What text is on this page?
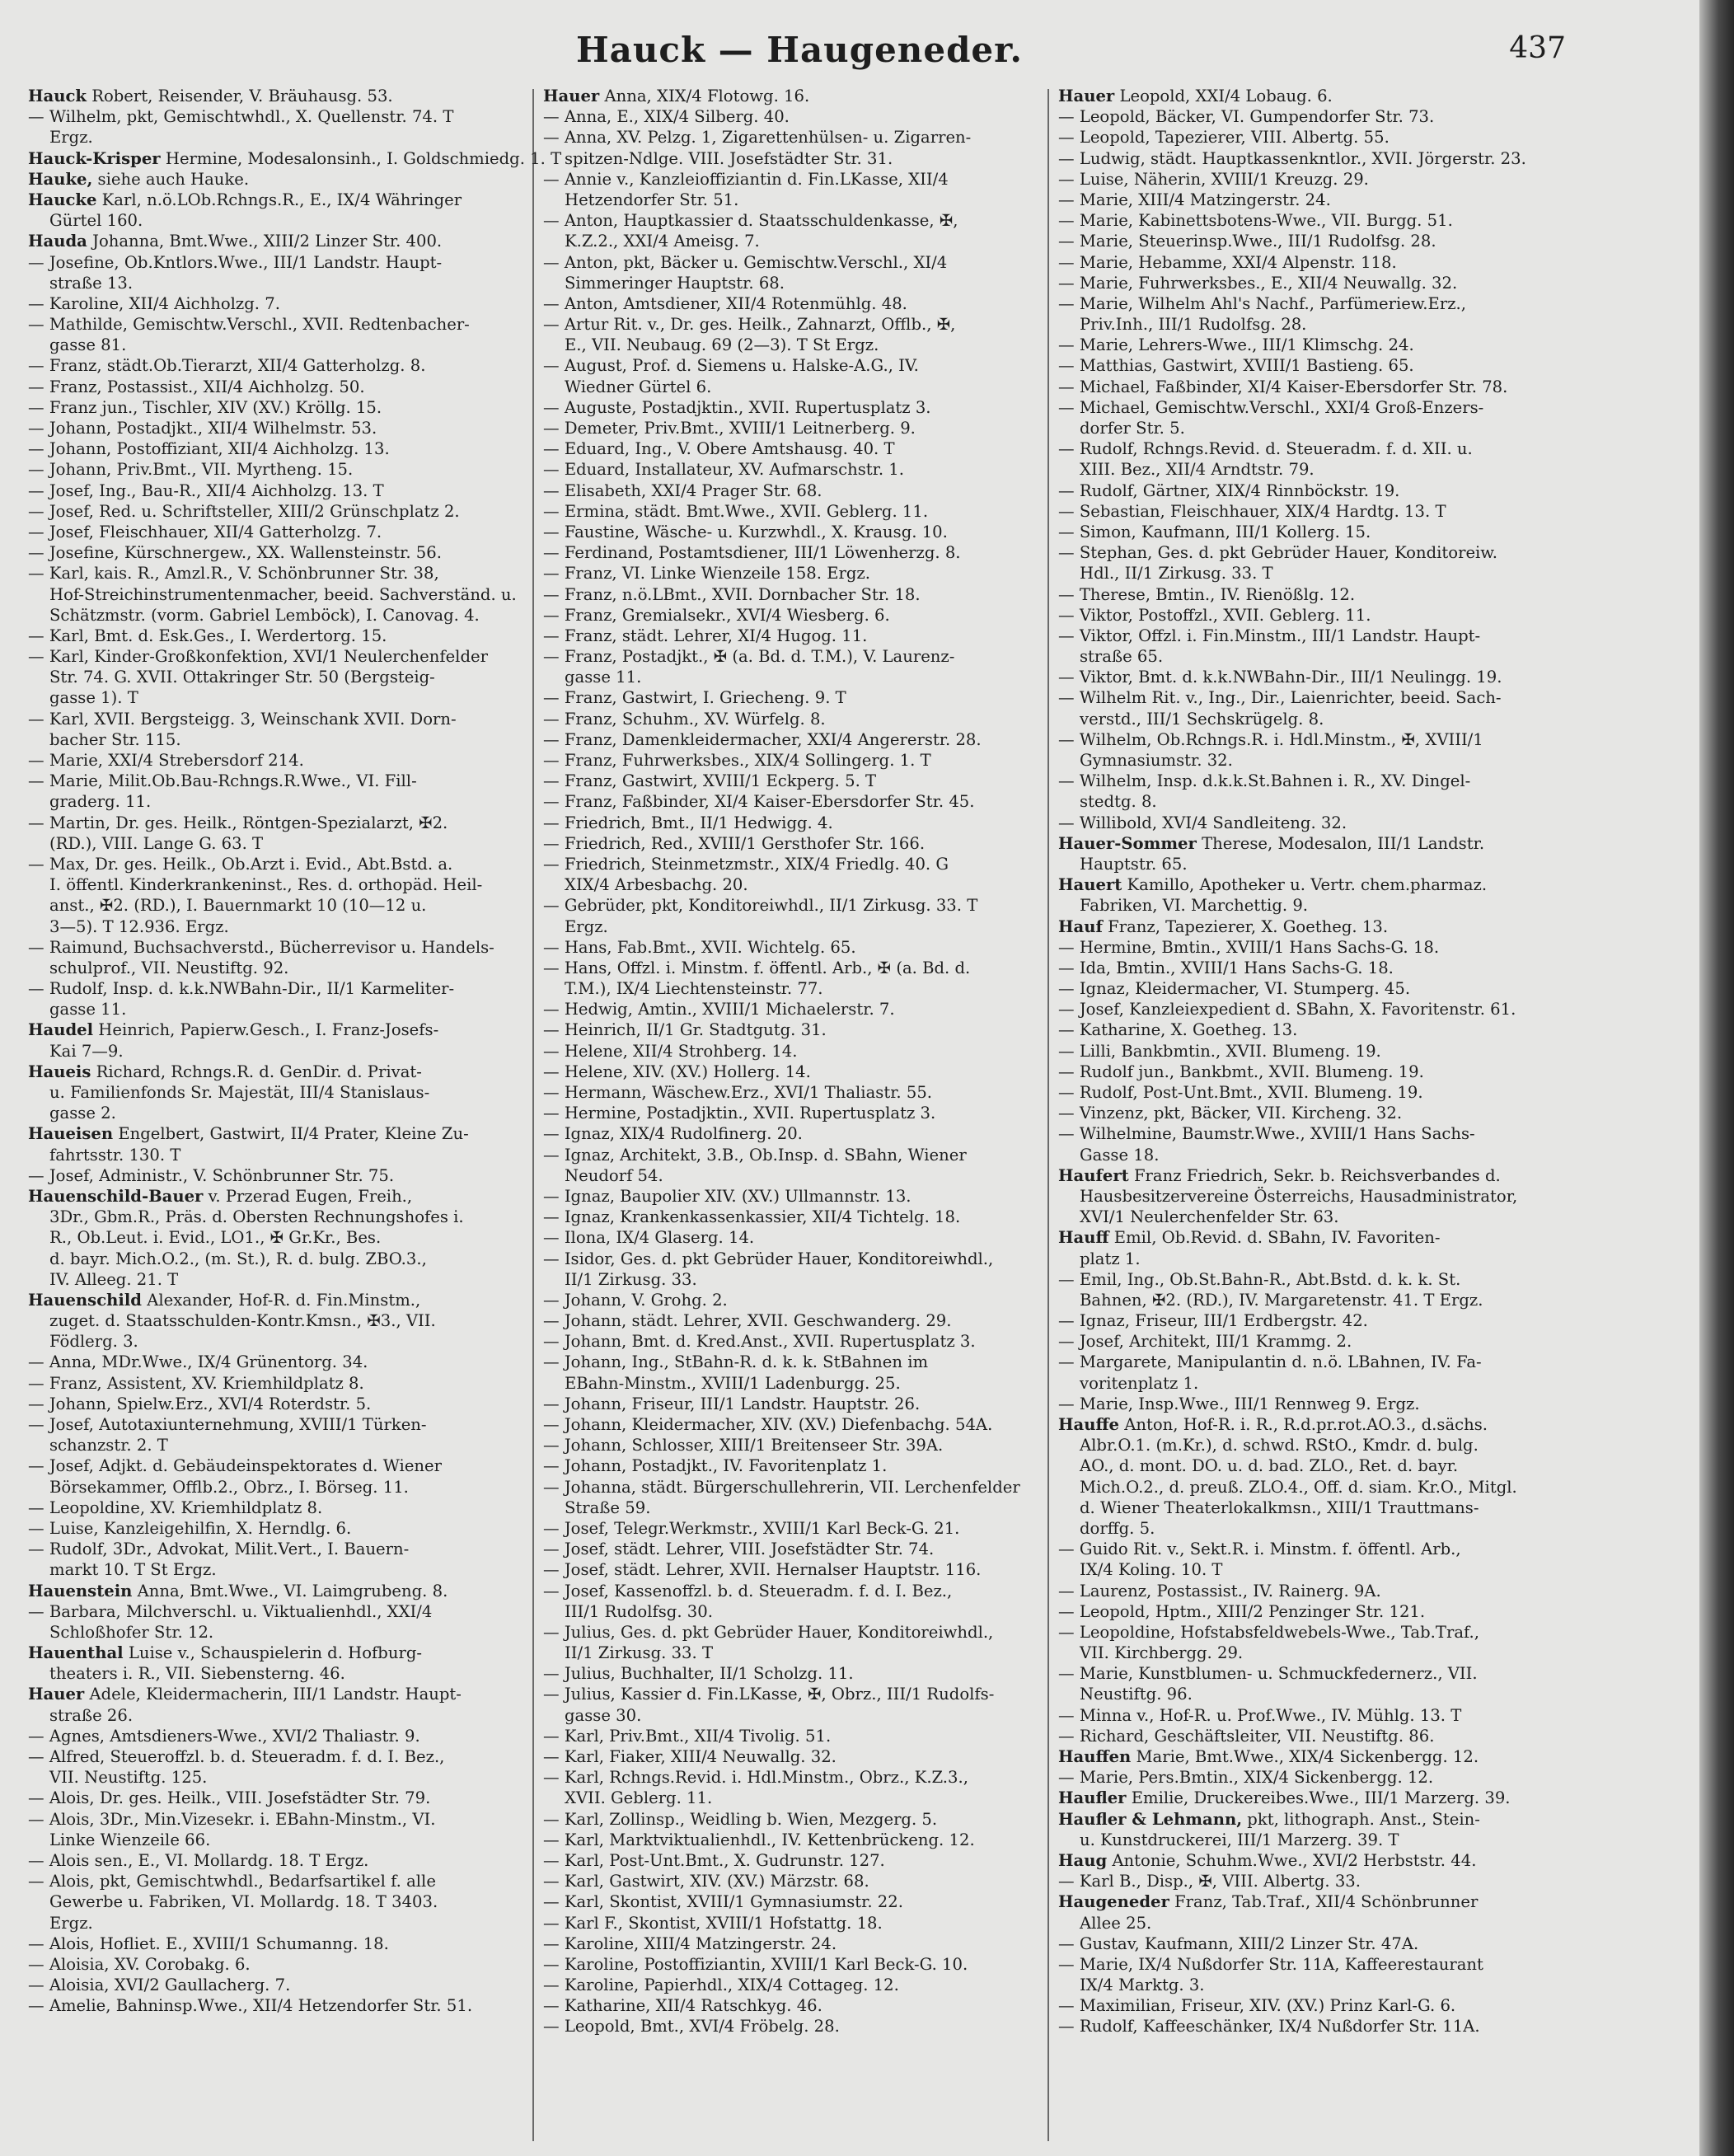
Hauck — Haugeneder.	437
Hauck Robert, Reisender, V. Bräuhausg. 53.
— Wilhelm, pkt, Gemischtwhdl., X. Quellenstr. 74. T
Ergz.
Hauck-Krisper Hermine, Modesalonsinh., I. Goldschmiedg. 1. T
Hauke, siehe auch Hauke.
Haucke Karl, n.ö.LOb.Rchngs.R., E., IX/4 Währinger
Gürtel 160.
Hauda Johanna, Bmt.Wwe., XIII/2 Linzer Str. 400.
— Josefine, Ob.Kntlors.Wwe., III/1 Landstr. Haupt-
straße 13.
— Karoline, XII/4 Aichholzg. 7.
— Mathilde, Gemischtw.Verschl., XVII. Redtenbacher-
gasse 81.
— Franz, städt.Ob.Tierarzt, XII/4 Gatterholzg. 8.
— Franz, Postassist., XII/4 Aichholzg. 50.
— Franz jun., Tischler, XIV (XV.) Kröllg. 15.
— Johann, Postadjkt., XII/4 Wilhelmstr. 53.
— Johann, Postoffiziant, XII/4 Aichholzg. 13.
— Johann, Priv.Bmt., VII. Myrtheng. 15.
— Josef, Ing., Bau-R., XII/4 Aichholzg. 13. T
— Josef, Red. u. Schriftsteller, XIII/2 Grünschplatz 2.
— Josef, Fleischhauer, XII/4 Gatterholzg. 7.
— Josefine, Kürschnergew., XX. Wallensteinstr. 56.
— Karl, kais. R., Amzl.R., V. Schönbrunner Str. 38,
Hof-Streichinstrumentenmacher, beeid. Sachverständ. u.
Schätzmstr. (vorm. Gabriel Lemböck), I. Canovag. 4.
— Karl, Bmt. d. Esk.Ges., I. Werdertorg. 15.
— Karl, Kinder-Großkonfektion, XVI/1 Neulerchenfelder
Str. 74. G. XVII. Ottakringer Str. 50 (Bergsteig-
gasse 1). T
— Karl, XVII. Bergsteigg. 3, Weinschank XVII. Dorn-
bacher Str. 115.
— Marie, XXI/4 Strebersdorf 214.
— Marie, Milit.Ob.Bau-Rchngs.R.Wwe., VI. Fill-
graderg. 11.
— Martin, Dr. ges. Heilk., Röntgen-Spezialarzt, ✠2.
(RD.), VIII. Lange G. 63. T
— Max, Dr. ges. Heilk., Ob.Arzt i. Evid., Abt.Bstd. a.
I. öffentl. Kinderkrankeninst., Res. d. orthopäd. Heil-
anst., ✠2. (RD.), I. Bauernmarkt 10 (10—12 u.
3—5). T 12.936. Ergz.
— Raimund, Buchsachverstd., Bücherrevisor u. Handels-
schulprof., VII. Neustiftg. 92.
— Rudolf, Insp. d. k.k.NWBahn-Dir., II/1 Karmeliter-
gasse 11.
Haudel Heinrich, Papierw.Gesch., I. Franz-Josefs-
Kai 7—9.
Haueis Richard, Rchngs.R. d. GenDir. d. Privat-
u. Familienfonds Sr. Majestät, III/4 Stanislaus-
gasse 2.
Haueisen Engelbert, Gastwirt, II/4 Prater, Kleine Zu-
fahrtsstr. 130. T
— Josef, Administr., V. Schönbrunner Str. 75.
Hauenschild-Bauer v. Przerad Eugen, Freih.,
3Dr., Gbm.R., Präs. d. Obersten Rechnungshofes i.
R., Ob.Leut. i. Evid., LO1., ✠ Gr.Kr., Bes.
d. bayr. Mich.O.2., (m. St.), R. d. bulg. ZBO.3.,
IV. Alleeg. 21. T
Hauenschild Alexander, Hof-R. d. Fin.Minstm.,
zuget. d. Staatsschulden-Kontr.Kmsn., ✠3., VII.
Födlerg. 3.
— Anna, MDr.Wwe., IX/4 Grünentorg. 34.
— Franz, Assistent, XV. Kriemhildplatz 8.
— Johann, Spielw.Erz., XVI/4 Roterdstr. 5.
— Josef, Autotaxiunternehmung, XVIII/1 Türken-
schanzstr. 2. T
— Josef, Adjkt. d. Gebäudeinspektorates d. Wiener
Börsekammer, Offlb.2., Obrz., I. Börseg. 11.
— Leopoldine, XV. Kriemhildplatz 8.
— Luise, Kanzleigehilfin, X. Herndlg. 6.
— Rudolf, 3Dr., Advokat, Milit.Vert., I. Bauern-
markt 10. T St Ergz.
Hauenstein Anna, Bmt.Wwe., VI. Laimgrubeng. 8.
— Barbara, Milchverschl. u. Viktualienhdl., XXI/4
Schloßhofer Str. 12.
Hauenthal Luise v., Schauspielerin d. Hofburg-
theaters i. R., VII. Siebensterng. 46.
Hauer Adele, Kleidermacherin, III/1 Landstr. Haupt-
straße 26.
— Agnes, Amtsdieners-Wwe., XVI/2 Thaliastr. 9.
— Alfred, Steueroffzl. b. d. Steueradm. f. d. I. Bez.,
VII. Neustiftg. 125.
— Alois, Dr. ges. Heilk., VIII. Josefstädter Str. 79.
— Alois, 3Dr., Min.Vizesekr. i. EBahn-Minstm., VI.
Linke Wienzeile 66.
— Alois sen., E., VI. Mollardg. 18. T Ergz.
— Alois, pkt, Gemischtwhdl., Bedarfsartikel f. alle
Gewerbe u. Fabriken, VI. Mollardg. 18. T 3403.
Ergz.
— Alois, Hofliet. E., XVIII/1 Schumanng. 18.
— Aloisia, XV. Corobakg. 6.
— Aloisia, XVI/2 Gaullacherg. 7.
— Amelie, Bahninsp.Wwe., XII/4 Hetzendorfer Str. 51.
Hauer Anna, XIX/4 Flotowg. 16.
— Anna, E., XIX/4 Silberg. 40.
— Anna, XV. Pelzg. 1, Zigarettenhülsen- u. Zigarren-
spitzen-Ndlge. VIII. Josefstädter Str. 31.
— Annie v., Kanzleioffiziantin d. Fin.LKasse, XII/4
Hetzendorfer Str. 51.
— Anton, Hauptkassier d. Staatsschuldenkasse, ✠,
K.Z.2., XXI/4 Ameisg. 7.
— Anton, pkt, Bäcker u. Gemischtw.Verschl., XI/4
Simmeringer Hauptstr. 68.
— Anton, Amtsdiener, XII/4 Rotenmühlg. 48.
— Artur Rit. v., Dr. ges. Heilk., Zahnarzt, Offlb., ✠,
E., VII. Neubaug. 69 (2—3). T St Ergz.
— August, Prof. d. Siemens u. Halske-A.G., IV.
Wiedner Gürtel 6.
— Auguste, Postadjktin., XVII. Rupertusplatz 3.
— Demeter, Priv.Bmt., XVIII/1 Leitnerberg. 9.
— Eduard, Ing., V. Obere Amtshausg. 40. T
— Eduard, Installateur, XV. Aufmarschstr. 1.
— Elisabeth, XXI/4 Prager Str. 68.
— Ermina, städt. Bmt.Wwe., XVII. Geblerg. 11.
— Faustine, Wäsche- u. Kurzwhdl., X. Krausg. 10.
— Ferdinand, Postamtsdiener, III/1 Löwenherzg. 8.
— Franz, VI. Linke Wienzeile 158. Ergz.
— Franz, n.ö.LBmt., XVII. Dornbacher Str. 18.
— Franz, Gremialsekr., XVI/4 Wiesberg. 6.
— Franz, städt. Lehrer, XI/4 Hugog. 11.
— Franz, Postadjkt., ✠ (a. Bd. d. T.M.), V. Laurenz-
gasse 11.
— Franz, Gastwirt, I. Griecheng. 9. T
— Franz, Schuhm., XV. Würfelg. 8.
— Franz, Damenkleidermacher, XXI/4 Angererstr. 28.
— Franz, Fuhrwerksbes., XIX/4 Sollingerg. 1. T
— Franz, Gastwirt, XVIII/1 Eckperg. 5. T
— Franz, Faßbinder, XI/4 Kaiser-Ebersdorfer Str. 45.
— Friedrich, Bmt., II/1 Hedwigg. 4.
— Friedrich, Red., XVIII/1 Gersthofer Str. 166.
— Friedrich, Steinmetzmstr., XIX/4 Friedlg. 40. G
XIX/4 Arbesbachg. 20.
— Gebrüder, pkt, Konditoreiwhdl., II/1 Zirkusg. 33. T
Ergz.
— Hans, Fab.Bmt., XVII. Wichtelg. 65.
— Hans, Offzl. i. Minstm. f. öffentl. Arb., ✠ (a. Bd. d.
T.M.), IX/4 Liechtensteinstr. 77.
— Hedwig, Amtin., XVIII/1 Michaelerstr. 7.
— Heinrich, II/1 Gr. Stadtgutg. 31.
— Helene, XII/4 Strohberg. 14.
— Helene, XIV. (XV.) Hollerg. 14.
— Hermann, Wäschew.Erz., XVI/1 Thaliastr. 55.
— Hermine, Postadjktin., XVII. Rupertusplatz 3.
— Ignaz, XIX/4 Rudolfinerg. 20.
— Ignaz, Architekt, 3.B., Ob.Insp. d. SBahn, Wiener
Neudorf 54.
— Ignaz, Baupolier XIV. (XV.) Ullmannstr. 13.
— Ignaz, Krankenkassenkassier, XII/4 Tichtelg. 18.
— Ilona, IX/4 Glaserg. 14.
— Isidor, Ges. d. pkt Gebrüder Hauer, Konditoreiwhdl.,
II/1 Zirkusg. 33.
— Johann, V. Grohg. 2.
— Johann, städt. Lehrer, XVII. Geschwanderg. 29.
— Johann, Bmt. d. Kred.Anst., XVII. Rupertusplatz 3.
— Johann, Ing., StBahn-R. d. k. k. StBahnen im
EBahn-Minstm., XVIII/1 Ladenburgg. 25.
— Johann, Friseur, III/1 Landstr. Hauptstr. 26.
— Johann, Kleidermacher, XIV. (XV.) Diefenbachg. 54A.
— Johann, Schlosser, XIII/1 Breitenseer Str. 39A.
— Johann, Postadjkt., IV. Favoritenplatz 1.
— Johanna, städt. Bürgerschullehrerin, VII. Lerchenfelder
Straße 59.
— Josef, Telegr.Werkmstr., XVIII/1 Karl Beck-G. 21.
— Josef, städt. Lehrer, VIII. Josefstädter Str. 74.
— Josef, städt. Lehrer, XVII. Hernalser Hauptstr. 116.
— Josef, Kassenoffzl. b. d. Steueradm. f. d. I. Bez.,
III/1 Rudolfsg. 30.
— Julius, Ges. d. pkt Gebrüder Hauer, Konditoreiwhdl.,
II/1 Zirkusg. 33. T
— Julius, Buchhalter, II/1 Scholzg. 11.
— Julius, Kassier d. Fin.LKasse, ✠, Obrz., III/1 Rudolfs-
gasse 30.
— Karl, Priv.Bmt., XII/4 Tivolig. 51.
— Karl, Fiaker, XIII/4 Neuwallg. 32.
— Karl, Rchngs.Revid. i. Hdl.Minstm., Obrz., K.Z.3.,
XVII. Geblerg. 11.
— Karl, Zollinsp., Weidling b. Wien, Mezgerg. 5.
— Karl, Marktviktualienhdl., IV. Kettenbrückeng. 12.
— Karl, Post-Unt.Bmt., X. Gudrunstr. 127.
— Karl, Gastwirt, XIV. (XV.) Märzstr. 68.
— Karl, Skontist, XVIII/1 Gymnasiumstr. 22.
— Karl F., Skontist, XVIII/1 Hofstattg. 18.
— Karoline, XIII/4 Matzingerstr. 24.
— Karoline, Postoffiziantin, XVIII/1 Karl Beck-G. 10.
— Karoline, Papierhdl., XIX/4 Cottageg. 12.
— Katharine, XII/4 Ratschkyg. 46.
— Leopold, Bmt., XVI/4 Fröbelg. 28.
Hauer Leopold, XXI/4 Lobaug. 6.
— Leopold, Bäcker, VI. Gumpendorfer Str. 73.
— Leopold, Tapezierer, VIII. Albertg. 55.
— Ludwig, städt. Hauptkassenkntlor., XVII. Jörgerstr. 23.
— Luise, Näherin, XVIII/1 Kreuzg. 29.
— Marie, XIII/4 Matzingerstr. 24.
— Marie, Kabinettsbotens-Wwe., VII. Burgg. 51.
— Marie, Steuerinsp.Wwe., III/1 Rudolfsg. 28.
— Marie, Hebamme, XXI/4 Alpenstr. 118.
— Marie, Fuhrwerksbes., E., XII/4 Neuwallg. 32.
— Marie, Wilhelm Ahl's Nachf., Parfümeriew.Erz.,
Priv.Inh., III/1 Rudolfsg. 28.
— Marie, Lehrers-Wwe., III/1 Klimschg. 24.
— Matthias, Gastwirt, XVIII/1 Bastieng. 65.
— Michael, Faßbinder, XI/4 Kaiser-Ebersdorfer Str. 78.
— Michael, Gemischtw.Verschl., XXI/4 Groß-Enzers-
dorfer Str. 5.
— Rudolf, Rchngs.Revid. d. Steueradm. f. d. XII. u.
XIII. Bez., XII/4 Arndtstr. 79.
— Rudolf, Gärtner, XIX/4 Rinnböckstr. 19.
— Sebastian, Fleischhauer, XIX/4 Hardtg. 13. T
— Simon, Kaufmann, III/1 Kollerg. 15.
— Stephan, Ges. d. pkt Gebrüder Hauer, Konditoreiw.
Hdl., II/1 Zirkusg. 33. T
— Therese, Bmtin., IV. Rienößlg. 12.
— Viktor, Postoffzl., XVII. Geblerg. 11.
— Viktor, Offzl. i. Fin.Minstm., III/1 Landstr. Haupt-
straße 65.
— Viktor, Bmt. d. k.k.NWBahn-Dir., III/1 Neulingg. 19.
— Wilhelm Rit. v., Ing., Dir., Laienrichter, beeid. Sach-
verstd., III/1 Sechskrügelg. 8.
— Wilhelm, Ob.Rchngs.R. i. Hdl.Minstm., ✠, XVIII/1
Gymnasiumstr. 32.
— Wilhelm, Insp. d.k.k.St.Bahnen i. R., XV. Dingel-
stedtg. 8.
— Willibold, XVI/4 Sandleiteng. 32.
Hauer-Sommer Therese, Modesalon, III/1 Landstr.
Hauptstr. 65.
Hauert Kamillo, Apotheker u. Vertr. chem.pharmaz.
Fabriken, VI. Marchettig. 9.
Hauf Franz, Tapezierer, X. Goetheg. 13.
— Hermine, Bmtin., XVIII/1 Hans Sachs-G. 18.
— Ida, Bmtin., XVIII/1 Hans Sachs-G. 18.
— Ignaz, Kleidermacher, VI. Stumperg. 45.
— Josef, Kanzleiexpedient d. SBahn, X. Favoritenstr. 61.
— Katharine, X. Goetheg. 13.
— Lilli, Bankbmtin., XVII. Blumeng. 19.
— Rudolf jun., Bankbmt., XVII. Blumeng. 19.
— Rudolf, Post-Unt.Bmt., XVII. Blumeng. 19.
— Vinzenz, pkt, Bäcker, VII. Kircheng. 32.
— Wilhelmine, Baumstr.Wwe., XVIII/1 Hans Sachs-
Gasse 18.
Haufert Franz Friedrich, Sekr. b. Reichsverbandes d.
Hausbesitzervereine Österreichs, Hausadministrator,
XVI/1 Neulerchenfelder Str. 63.
Hauff Emil, Ob.Revid. d. SBahn, IV. Favoriten-
platz 1.
— Emil, Ing., Ob.St.Bahn-R., Abt.Bstd. d. k. k. St.
Bahnen, ✠2. (RD.), IV. Margaretenstr. 41. T Ergz.
— Ignaz, Friseur, III/1 Erdbergstr. 42.
— Josef, Architekt, III/1 Krammg. 2.
— Margarete, Manipulantin d. n.ö. LBahnen, IV. Fa-
voritenplatz 1.
— Marie, Insp.Wwe., III/1 Rennweg 9. Ergz.
Hauffe Anton, Hof-R. i. R., R.d.pr.rot.AO.3., d.sächs.
Albr.O.1. (m.Kr.), d. schwd. RStO., Kmdr. d. bulg.
AO., d. mont. DO. u. d. bad. ZLO., Ret. d. bayr.
Mich.O.2., d. preuß. ZLO.4., Off. d. siam. Kr.O., Mitgl.
d. Wiener Theaterlokalkmsn., XIII/1 Trauttmans-
dorffg. 5.
— Guido Rit. v., Sekt.R. i. Minstm. f. öffentl. Arb.,
IX/4 Koling. 10. T
— Laurenz, Postassist., IV. Rainerg. 9A.
— Leopold, Hptm., XIII/2 Penzinger Str. 121.
— Leopoldine, Hofstabsfeldwebels-Wwe., Tab.Traf.,
VII. Kirchbergg. 29.
— Marie, Kunstblumen- u. Schmuckfedernerz., VII.
Neustiftg. 96.
— Minna v., Hof-R. u. Prof.Wwe., IV. Mühlg. 13. T
— Richard, Geschäftsleiter, VII. Neustiftg. 86.
Hauffen Marie, Bmt.Wwe., XIX/4 Sickenbergg. 12.
— Marie, Pers.Bmtin., XIX/4 Sickenbergg. 12.
Haufler Emilie, Druckereibes.Wwe., III/1 Marzerg. 39.
Haufler & Lehmann, pkt, lithograph. Anst., Stein-
u. Kunstdruckerei, III/1 Marzerg. 39. T
Haug Antonie, Schuhm.Wwe., XVI/2 Herbststr. 44.
— Karl B., Disp., ✠, VIII. Albertg. 33.
Haugeneder Franz, Tab.Traf., XII/4 Schönbrunner
Allee 25.
— Gustav, Kaufmann, XIII/2 Linzer Str. 47A.
— Marie, IX/4 Nußdorfer Str. 11A, Kaffeerestaurant
IX/4 Marktg. 3.
— Maximilian, Friseur, XIV. (XV.) Prinz Karl-G. 6.
— Rudolf, Kaffeeschänker, IX/4 Nußdorfer Str. 11A.
